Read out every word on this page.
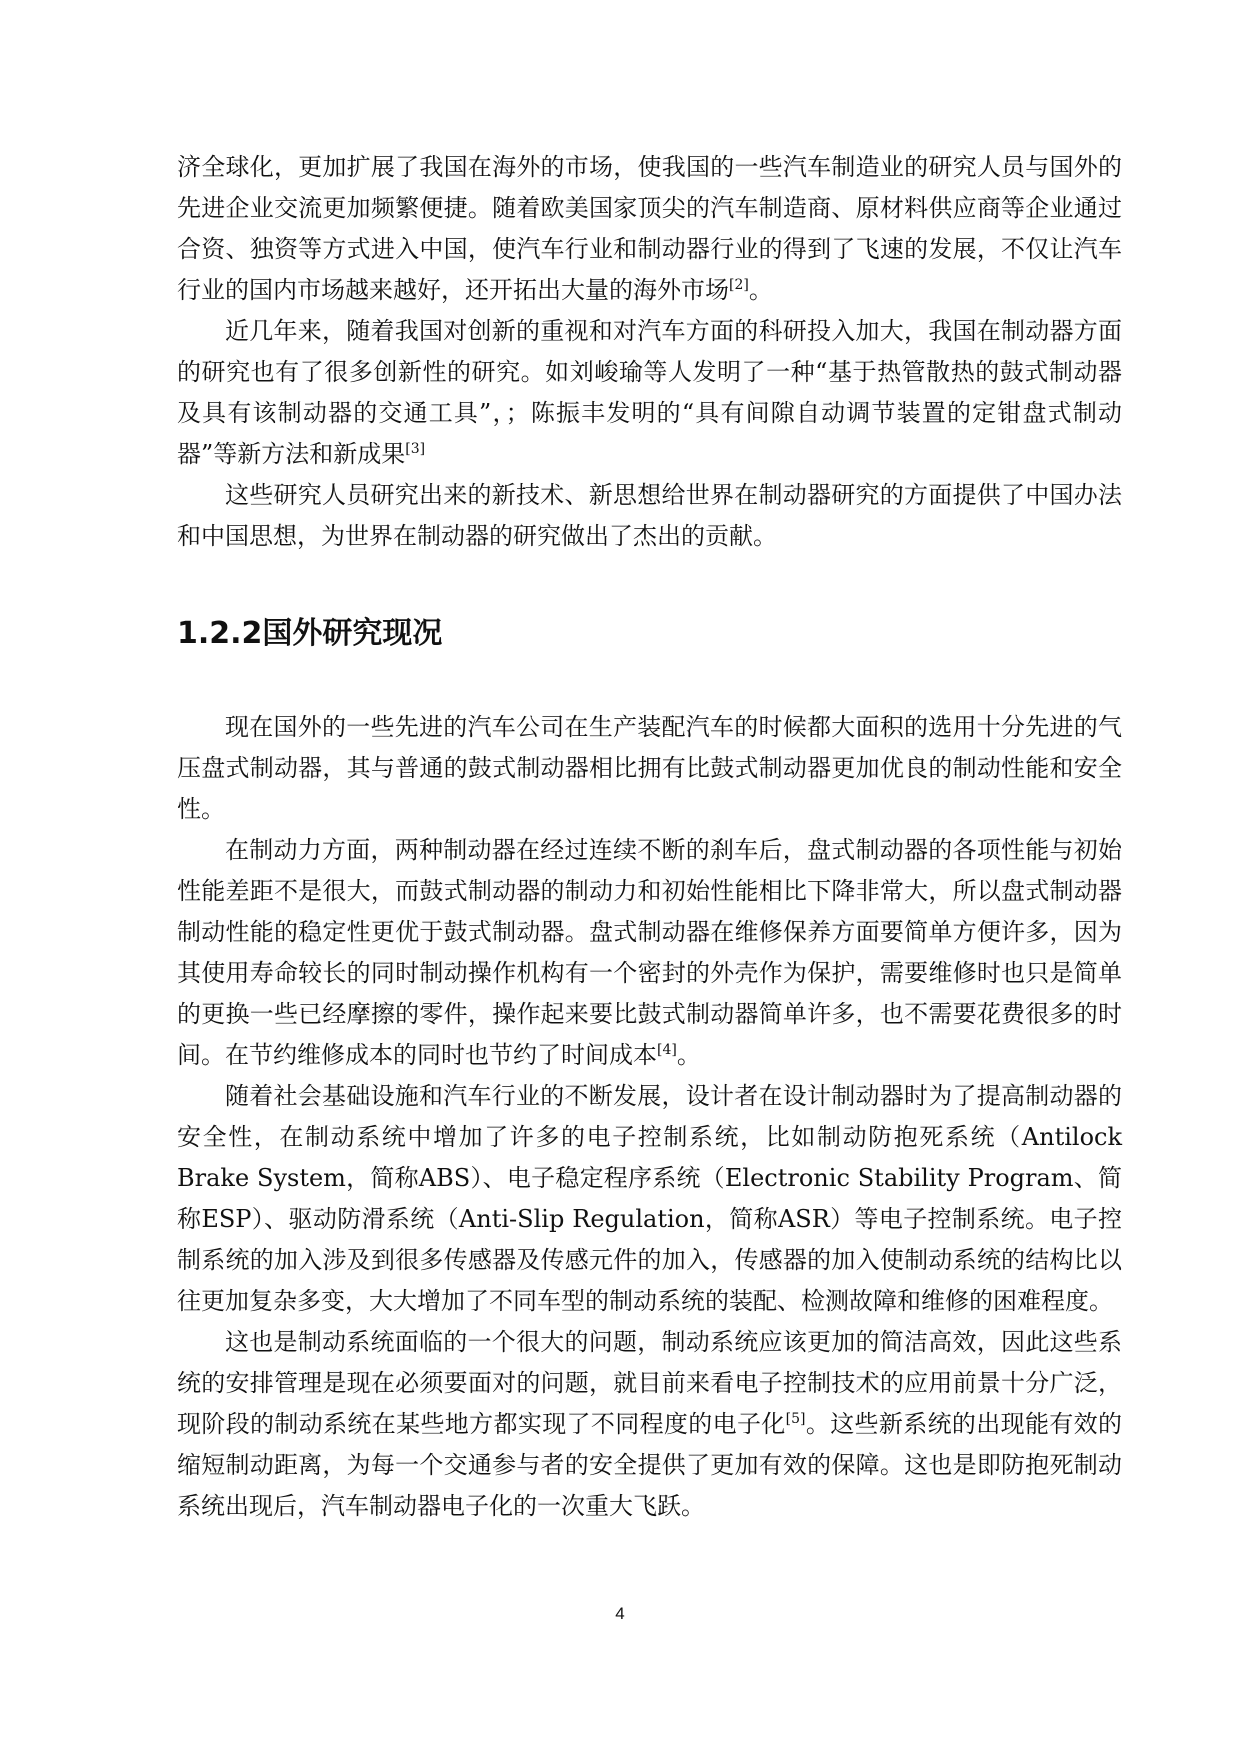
济全球化，更加扩展了我国在海外的市场，使我国的一些汽车制造业的研究人员与国外的先进企业交流更加频繁便捷。随着欧美国家顶尖的汽车制造商、原材料供应商等企业通过合资、独资等方式进入中国，使汽车行业和制动器行业的得到了飞速的发展，不仅让汽车行业的国内市场越来越好，还开拓出大量的海外市场[2]。

近几年来，随着我国对创新的重视和对汽车方面的科研投入加大，我国在制动器方面的研究也有了很多创新性的研究。如刘峻瑜等人发明了一种“基于热管散热的鼓式制动器及具有该制动器的交通工具”，；陈振丰发明的“具有间隙自动调节装置的定钳盘式制动器”等新方法和新成果[3]

这些研究人员研究出来的新技术、新思想给世界在制动器研究的方面提供了中国办法和中国思想，为世界在制动器的研究做出了杰出的贡献。

1.2.2国外研究现况

现在国外的一些先进的汽车公司在生产装配汽车的时候都大面积的选用十分先进的气压盘式制动器，其与普通的鼓式制动器相比拥有比鼓式制动器更加优良的制动性能和安全性。

在制动力方面，两种制动器在经过连续不断的刹车后，盘式制动器的各项性能与初始性能差距不是很大，而鼓式制动器的制动力和初始性能相比下降非常大，所以盘式制动器制动性能的稳定性更优于鼓式制动器。盘式制动器在维修保养方面要简单方便许多，因为其使用寿命较长的同时制动操作机构有一个密封的外壳作为保护，需要维修时也只是简单的更换一些已经摩擦的零件，操作起来要比鼓式制动器简单许多，也不需要花费很多的时间。在节约维修成本的同时也节约了时间成本[4]。

随着社会基础设施和汽车行业的不断发展，设计者在设计制动器时为了提高制动器的安全性，在制动系统中增加了许多的电子控制系统，比如制动防抱死系统（Antilock Brake System，简称ABS）、电子稳定程序系统（Electronic Stability Program、简称ESP）、驱动防滑系统（Anti-Slip Regulation，简称ASR）等电子控制系统。电子控制系统的加入涉及到很多传感器及传感元件的加入，传感器的加入使制动系统的结构比以往更加复杂多变，大大增加了不同车型的制动系统的装配、检测故障和维修的困难程度。

这也是制动系统面临的一个很大的问题，制动系统应该更加的简洁高效，因此这些系统的安排管理是现在必须要面对的问题，就目前来看电子控制技术的应用前景十分广泛，现阶段的制动系统在某些地方都实现了不同程度的电子化[5]。这些新系统的出现能有效的缩短制动距离，为每一个交通参与者的安全提供了更加有效的保障。这也是即防抱死制动系统出现后，汽车制动器电子化的一次重大飞跃。

4
